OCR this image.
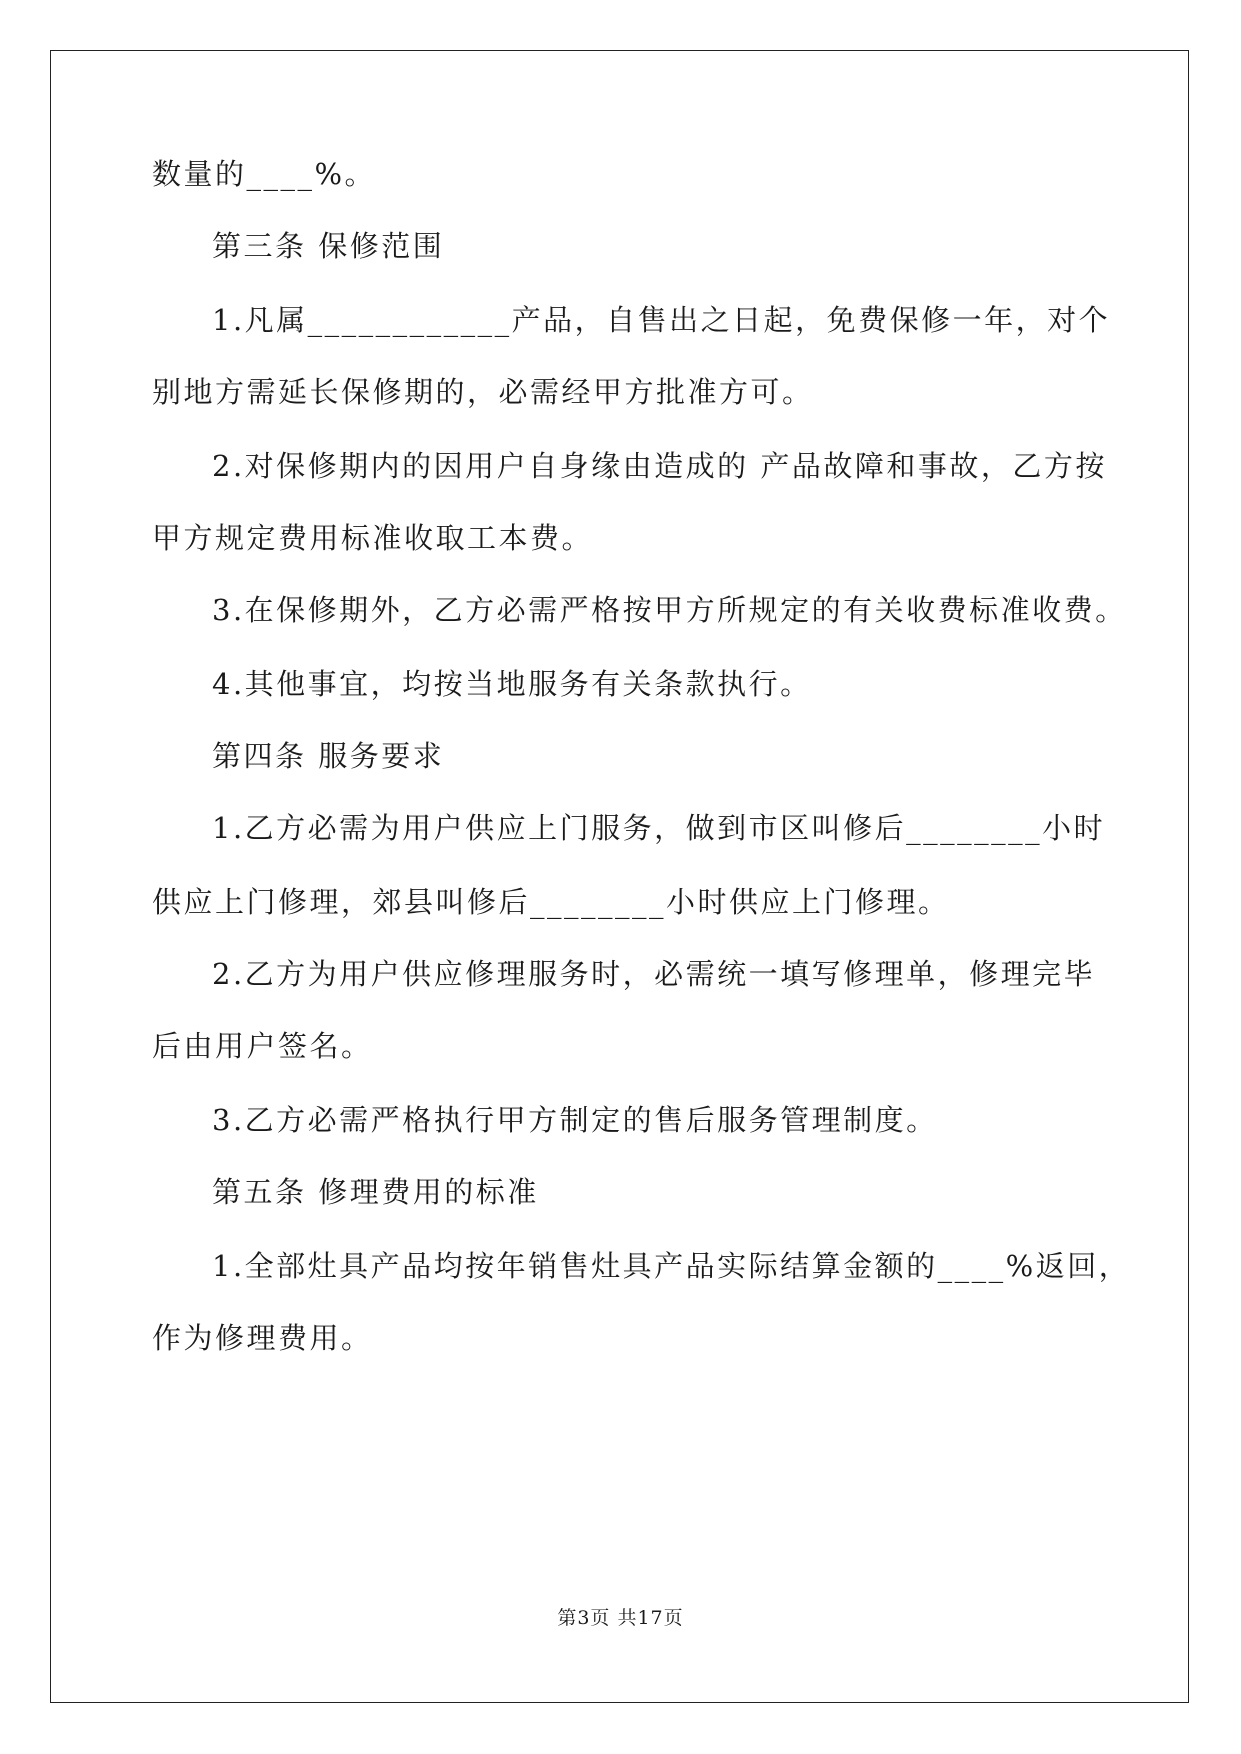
数量的____%。
第三条 保修范围
1.凡属____________产品，自售出之日起，免费保修一年，对个
别地方需延长保修期的，必需经甲方批准方可。
2.对保修期内的因用户自身缘由造成的 产品故障和事故，乙方按
甲方规定费用标准收取工本费。
3.在保修期外，乙方必需严格按甲方所规定的有关收费标准收费。
4.其他事宜，均按当地服务有关条款执行。
第四条 服务要求
1.乙方必需为用户供应上门服务，做到市区叫修后________小时
供应上门修理，郊县叫修后________小时供应上门修理。
2.乙方为用户供应修理服务时，必需统一填写修理单，修理完毕
后由用户签名。
3.乙方必需严格执行甲方制定的售后服务管理制度。
第五条 修理费用的标准
1.全部灶具产品均按年销售灶具产品实际结算金额的____%返回，
作为修理费用。
第3页 共17页
